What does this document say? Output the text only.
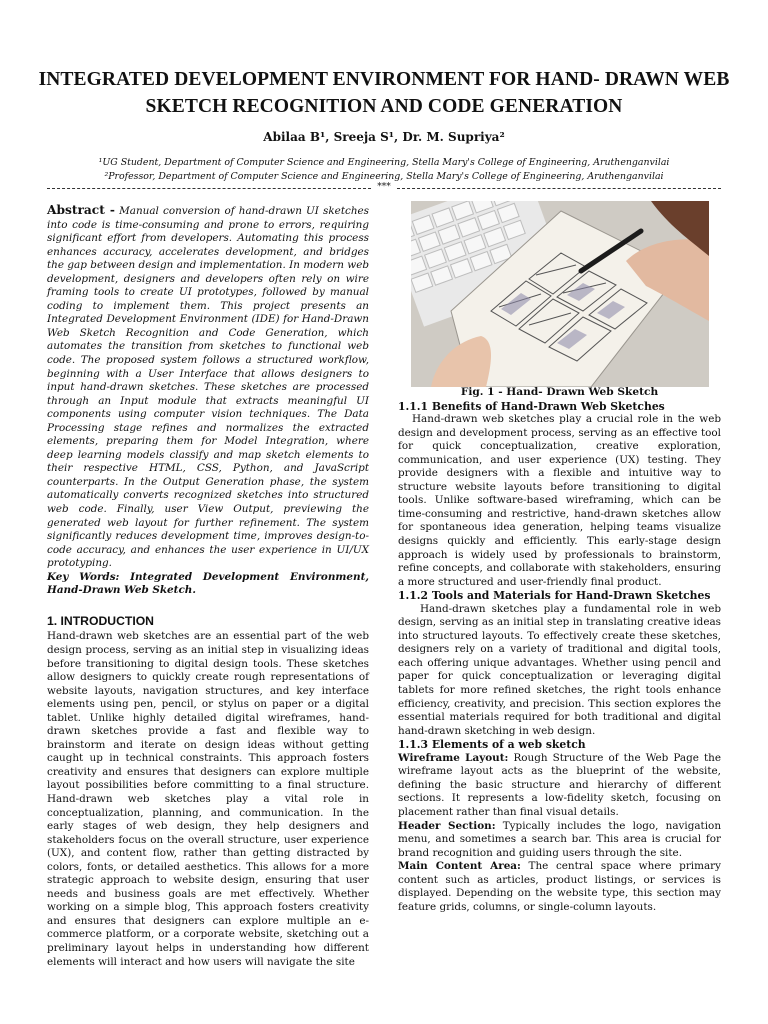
INTEGRATED DEVELOPMENT ENVIRONMENT FOR HAND- DRAWN WEB
SKETCH RECOGNITION AND CODE GENERATION

Abilaa B¹, Sreeja S¹, Dr. M. Supriya²

¹UG Student, Department of Computer Science and Engineering, Stella Mary's College of Engineering, Aruthenganvilai

²Professor, Department of Computer Science and Engineering, Stella Mary's College of Engineering, Aruthenganvilai

***

Abstract - Manual conversion of hand-drawn UI sketches into code is time-consuming and prone to errors, requiring significant effort from developers. Automating this process enhances accuracy, accelerates development, and bridges the gap between design and implementation. In modern web development, designers and developers often rely on wire framing tools to create UI prototypes, followed by manual coding to implement them. This project presents an Integrated Development Environment (IDE) for Hand-Drawn Web Sketch Recognition and Code Generation, which automates the transition from sketches to functional web code. The proposed system follows a structured workflow, beginning with a User Interface that allows designers to input hand-drawn sketches. These sketches are processed through an Input module that extracts meaningful UI components using computer vision techniques. The Data Processing stage refines and normalizes the extracted elements, preparing them for Model Integration, where deep learning models classify and map sketch elements to their respective HTML, CSS, Python, and JavaScript counterparts. In the Output Generation phase, the system automatically converts recognized sketches into structured web code. Finally, user View Output, previewing the generated web layout for further refinement. The system significantly reduces development time, improves design-to-code accuracy, and enhances the user experience in UI/UX prototyping.

Key Words: Integrated Development Environment, Hand-Drawn Web Sketch.

1. INTRODUCTION

Hand-drawn web sketches are an essential part of the web design process, serving as an initial step in visualizing ideas before transitioning to digital design tools. These sketches allow designers to quickly create rough representations of website layouts, navigation structures, and key interface elements using pen, pencil, or stylus on paper or a digital tablet. Unlike highly detailed digital wireframes, hand-drawn sketches provide a fast and flexible way to brainstorm and iterate on design ideas without getting caught up in technical constraints. This approach fosters creativity and ensures that designers can explore multiple layout possibilities before committing to a final structure. Hand-drawn web sketches play a vital role in conceptualization, planning, and communication. In the early stages of web design, they help designers and stakeholders focus on the overall structure, user experience (UX), and content flow, rather than getting distracted by colors, fonts, or detailed aesthetics. This allows for a more strategic approach to website design, ensuring that user needs and business goals are met effectively. Whether working on a simple blog, This approach fosters creativity and ensures that designers can explore multiple an e-commerce platform, or a corporate website, sketching out a preliminary layout helps in understanding how different elements will interact and how users will navigate the site

Fig. 1 - Hand- Drawn Web Sketch

1.1.1 Benefits of Hand-Drawn Web Sketches

Hand-drawn web sketches play a crucial role in the web design and development process, serving as an effective tool for quick conceptualization, creative exploration, communication, and user experience (UX) testing. They provide designers with a flexible and intuitive way to structure website layouts before transitioning to digital tools. Unlike software-based wireframing, which can be time-consuming and restrictive, hand-drawn sketches allow for spontaneous idea generation, helping teams visualize designs quickly and efficiently. This early-stage design approach is widely used by professionals to brainstorm, refine concepts, and collaborate with stakeholders, ensuring a more structured and user-friendly final product.

1.1.2 Tools and Materials for Hand-Drawn Sketches

Hand-drawn sketches play a fundamental role in web design, serving as an initial step in translating creative ideas into structured layouts. To effectively create these sketches, designers rely on a variety of traditional and digital tools, each offering unique advantages. Whether using pencil and paper for quick conceptualization or leveraging digital tablets for more refined sketches, the right tools enhance efficiency, creativity, and precision. This section explores the essential materials required for both traditional and digital hand-drawn sketching in web design.

1.1.3 Elements of a web sketch

Wireframe Layout: Rough Structure of the Web Page the wireframe layout acts as the blueprint of the website, defining the basic structure and hierarchy of different sections. It represents a low-fidelity sketch, focusing on placement rather than final visual details.

Header Section: Typically includes the logo, navigation menu, and sometimes a search bar. This area is crucial for brand recognition and guiding users through the site.

Main Content Area: The central space where primary content such as articles, product listings, or services is displayed. Depending on the website type, this section may feature grids, columns, or single-column layouts.
